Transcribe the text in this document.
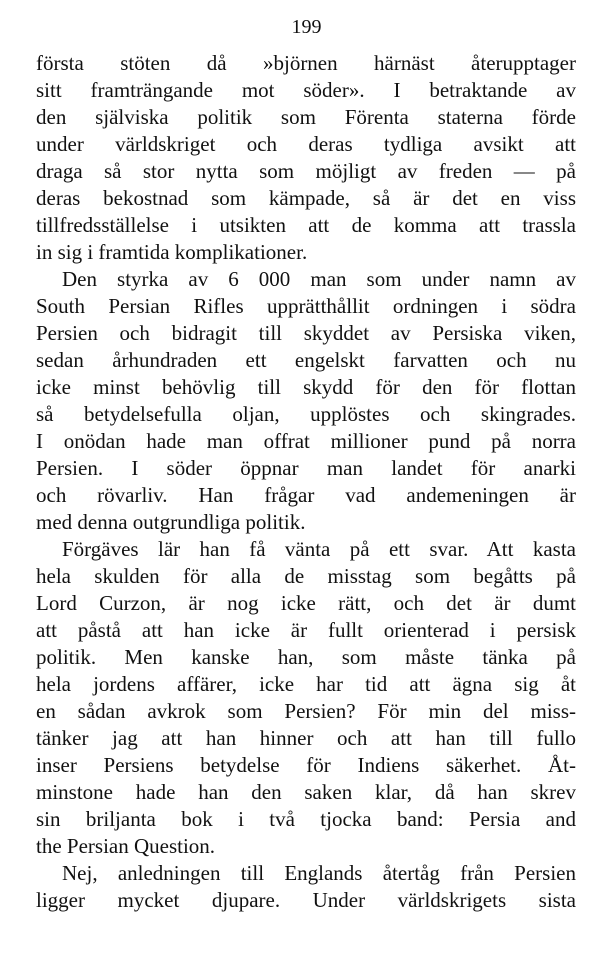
199
första stöten då »björnen härnäst återupptager
sitt framträngande mot söder». I betraktande av
den själviska politik som Förenta staterna förde
under världskriget och deras tydliga avsikt att
draga så stor nytta som möjligt av freden — på
deras bekostnad som kämpade, så är det en viss
tillfredsställelse i utsikten att de komma att trassla
in sig i framtida komplikationer.
Den styrka av 6 000 man som under namn av
South Persian Rifles upprätthållit ordningen i södra
Persien och bidragit till skyddet av Persiska viken,
sedan århundraden ett engelskt farvatten och nu
icke minst behövlig till skydd för den för flottan
så betydelsefulla oljan, upplöstes och skingrades.
I onödan hade man offrat millioner pund på norra
Persien. I söder öppnar man landet för anarki
och rövarliv. Han frågar vad andemeningen är
med denna outgrundliga politik.
Förgäves lär han få vänta på ett svar. Att kasta
hela skulden för alla de misstag som begåtts på
Lord Curzon, är nog icke rätt, och det är dumt
att påstå att han icke är fullt orienterad i persisk
politik. Men kanske han, som måste tänka på
hela jordens affärer, icke har tid att ägna sig åt
en sådan avkrok som Persien? För min del miss-
tänker jag att han hinner och att han till fullo
inser Persiens betydelse för Indiens säkerhet. Åt-
minstone hade han den saken klar, då han skrev
sin briljanta bok i två tjocka band: Persia and
the Persian Question.
Nej, anledningen till Englands återtåg från Persien
ligger mycket djupare. Under världskrigets sista
